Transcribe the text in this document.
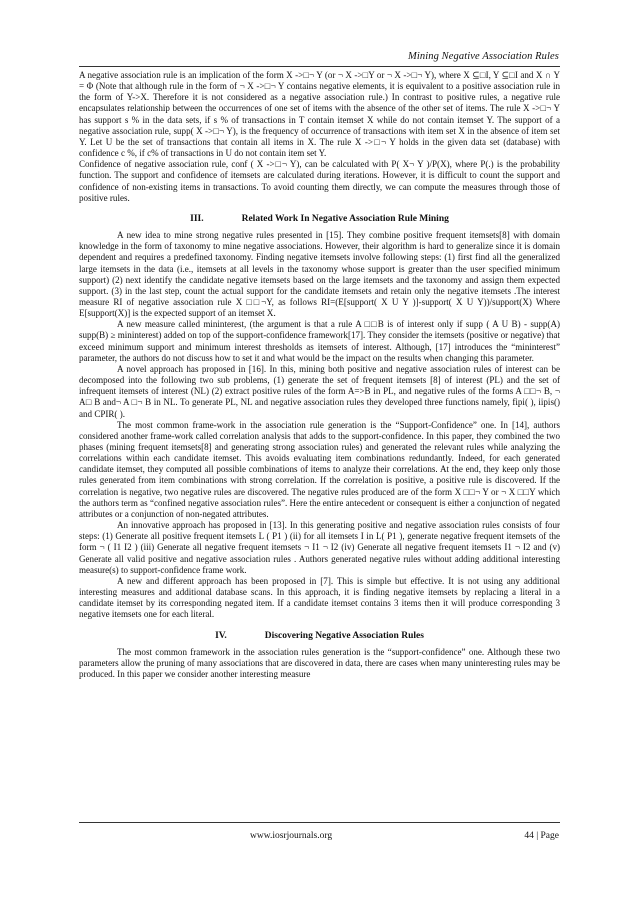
Mining Negative Association Rules

A negative association rule is an implication of the form X ->□¬ Y (or ¬ X ->□Y or ¬ X ->□¬ Y), where X ⊆□I, Y ⊆□I and X ∩ Y = Φ (Note that although rule in the form of ¬ X ->□¬ Y contains negative elements, it is equivalent to a positive association rule in the form of Y->X. Therefore it is not considered as a negative association rule.) In contrast to positive rules, a negative rule encapsulates relationship between the occurrences of one set of items with the absence of the other set of items. The rule X ->□¬ Y has support s % in the data sets, if s % of transactions in T contain itemset X while do not contain itemset Y. The support of a negative association rule, supp( X ->□¬ Y), is the frequency of occurrence of transactions with item set X in the absence of item set Y. Let U be the set of transactions that contain all items in X. The rule X ->□¬ Y holds in the given data set (database) with confidence c %, if c% of transactions in U do not contain item set Y.

Confidence of negative association rule, conf ( X ->□¬ Y), can be calculated with P( X¬ Y )/P(X), where P(.) is the probability function. The support and confidence of itemsets are calculated during iterations. However, it is difficult to count the support and confidence of non-existing items in transactions. To avoid counting them directly, we can compute the measures through those of positive rules.

III.	Related Work In Negative Association Rule Mining

A new idea to mine strong negative rules presented in [15]. They combine positive frequent itemsets[8] with domain knowledge in the form of taxonomy to mine negative associations. However, their algorithm is hard to generalize since it is domain dependent and requires a predefined taxonomy. Finding negative itemsets involve following steps: (1) first find all the generalized large itemsets in the data (i.e., itemsets at all levels in the taxonomy whose support is greater than the user specified minimum support) (2) next identify the candidate negative itemsets based on the large itemsets and the taxonomy and assign them expected support. (3) in the last step, count the actual support for the candidate itemsets and retain only the negative itemsets .The interest measure RI of negative association rule X □□¬Y, as follows RI=(E[support( X U Y )]-support( X U Y))/support(X) Where E[support(X)] is the expected support of an itemset X.

A new measure called mininterest, (the argument is that a rule A □□B is of interest only if supp ( A U B) - supp(A) supp(B) ≥ mininterest) added on top of the support-confidence framework[17]. They consider the itemsets (positive or negative) that exceed minimum support and minimum interest thresholds as itemsets of interest. Although, [17] introduces the “mininterest” parameter, the authors do not discuss how to set it and what would be the impact on the results when changing this parameter.

A novel approach has proposed in [16]. In this, mining both positive and negative association rules of interest can be decomposed into the following two sub problems, (1) generate the set of frequent itemsets [8] of interest (PL) and the set of infrequent itemsets of interest (NL) (2) extract positive rules of the form A=>B in PL, and negative rules of the forms A □□¬ B, ¬ A□ B and¬ A □¬ B in NL. To generate PL, NL and negative association rules they developed three functions namely, fipi( ), iipis() and CPIR( ).

The most common frame-work in the association rule generation is the “Support-Confidence” one. In [14], authors considered another frame-work called correlation analysis that adds to the support-confidence. In this paper, they combined the two phases (mining frequent itemsets[8] and generating strong association rules) and generated the relevant rules while analyzing the correlations within each candidate itemset. This avoids evaluating item combinations redundantly. Indeed, for each generated candidate itemset, they computed all possible combinations of items to analyze their correlations. At the end, they keep only those rules generated from item combinations with strong correlation. If the correlation is positive, a positive rule is discovered. If the correlation is negative, two negative rules are discovered. The negative rules produced are of the form X □□¬ Y or ¬ X □□Y which the authors term as “confined negative association rules”. Here the entire antecedent or consequent is either a conjunction of negated attributes or a conjunction of non-negated attributes.

An innovative approach has proposed in [13]. In this generating positive and negative association rules consists of four steps: (1) Generate all positive frequent itemsets L ( P1 ) (ii) for all itemsets I in L( P1 ), generate negative frequent itemsets of the form ¬ ( I1 I2 ) (iii) Generate all negative frequent itemsets ¬ I1 ¬ I2 (iv) Generate all negative frequent itemsets I1 ¬ I2 and (v) Generate all valid positive and negative association rules . Authors generated negative rules without adding additional interesting measure(s) to support-confidence frame work.

A new and different approach has been proposed in [7]. This is simple but effective. It is not using any additional interesting measures and additional database scans. In this approach, it is finding negative itemsets by replacing a literal in a candidate itemset by its corresponding negated item. If a candidate itemset contains 3 items then it will produce corresponding 3 negative itemsets one for each literal.

IV.	Discovering Negative Association Rules

The most common framework in the association rules generation is the “support-confidence” one. Although these two parameters allow the pruning of many associations that are discovered in data, there are cases when many uninteresting rules may be produced. In this paper we consider another interesting measure

www.iosrjournals.org	44 | Page
